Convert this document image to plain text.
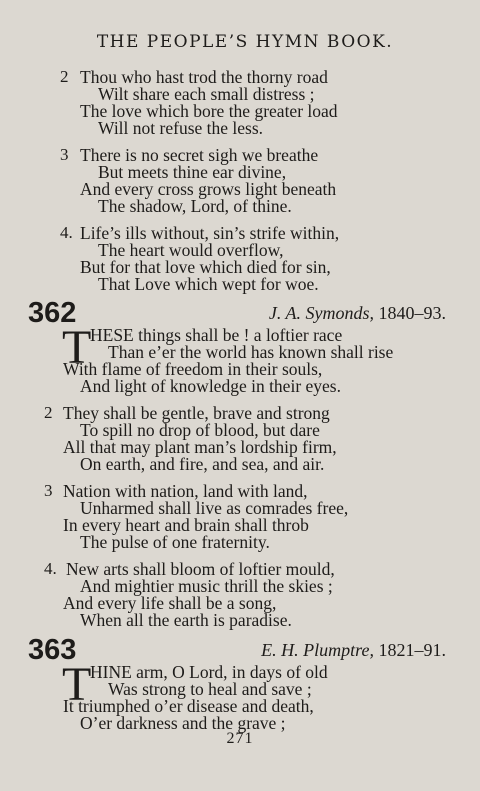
THE PEOPLE’S HYMN BOOK.
2 Thou who hast trod the thorny road
Wilt share each small distress ;
The love which bore the greater load
Will not refuse the less.
3 There is no secret sigh we breathe
But meets thine ear divine,
And every cross grows light beneath
The shadow, Lord, of thine.
4. Life’s ills without, sin’s strife within,
The heart would overflow,
But for that love which died for sin,
That Love which wept for woe.
362	J. A. Symonds, 1840–93.
T
HESE things shall be ! a loftier race
Than e’er the world has known shall rise
With flame of freedom in their souls,
And light of knowledge in their eyes.
2 They shall be gentle, brave and strong
To spill no drop of blood, but dare
All that may plant man’s lordship firm,
On earth, and fire, and sea, and air.
3 Nation with nation, land with land,
Unharmed shall live as comrades free,
In every heart and brain shall throb
The pulse of one fraternity.
4. New arts shall bloom of loftier mould,
And mightier music thrill the skies ;
And every life shall be a song,
When all the earth is paradise.
363	E. H. Plumptre, 1821–91.
T
HINE arm, O Lord, in days of old
Was strong to heal and save ;
It triumphed o’er disease and death,
O’er darkness and the grave ;
271
